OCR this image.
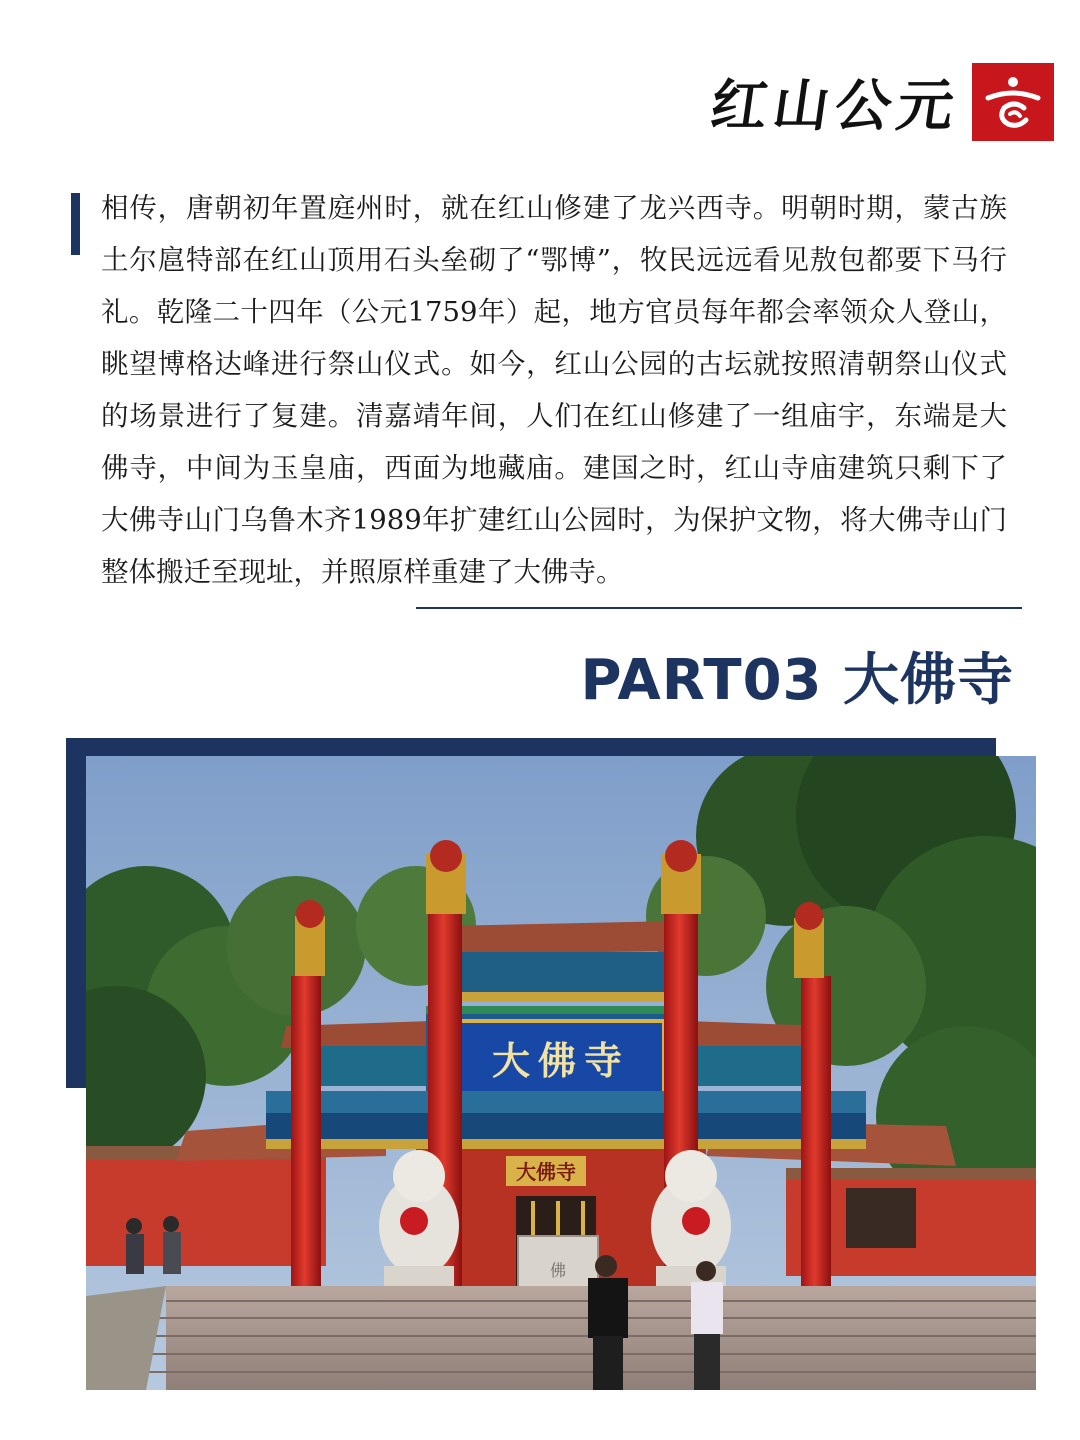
红山公元

相传，唐朝初年置庭州时，就在红山修建了龙兴西寺。明朝时期，蒙古族土尔扈特部在红山顶用石头垒砌了“鄂博”，牧民远远看见敖包都要下马行礼。乾隆二十四年（公元1759年）起，地方官员每年都会率领众人登山，眺望博格达峰进行祭山仪式。如今，红山公园的古坛就按照清朝祭山仪式的场景进行了复建。清嘉靖年间，人们在红山修建了一组庙宇，东端是大佛寺，中间为玉皇庙，西面为地藏庙。建国之时，红山寺庙建筑只剩下了大佛寺山门乌鲁木齐1989年扩建红山公园时，为保护文物，将大佛寺山门整体搬迁至现址，并照原样重建了大佛寺。

PART03 大佛寺
大佛寺
大佛寺
佛
